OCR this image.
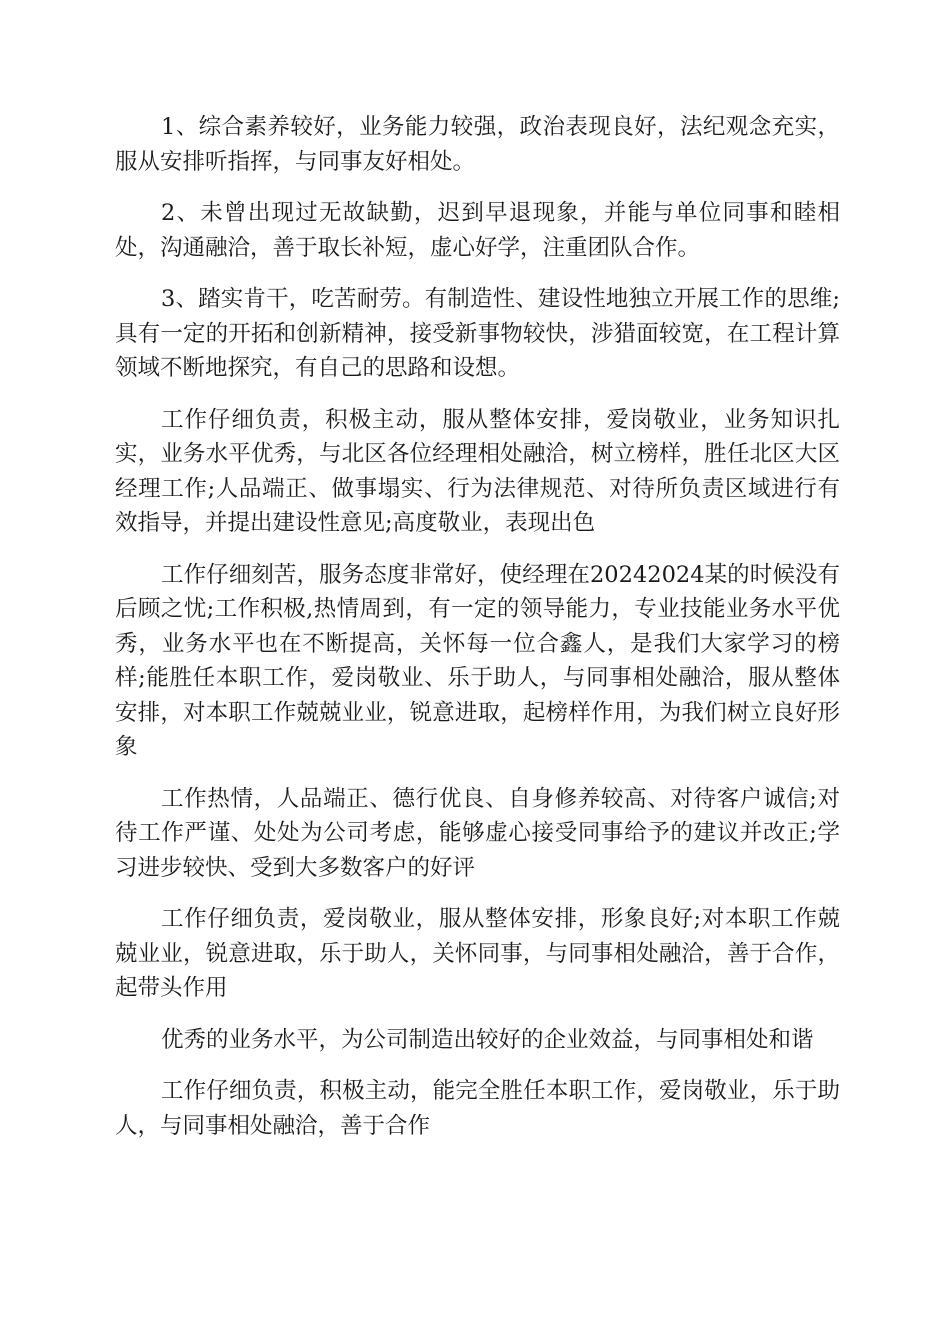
1、综合素养较好，业务能力较强，政治表现良好，法纪观念充实，服从安排听指挥，与同事友好相处。

2、未曾出现过无故缺勤，迟到早退现象，并能与单位同事和睦相处，沟通融洽，善于取长补短，虚心好学，注重团队合作。

3、踏实肯干，吃苦耐劳。有制造性、建设性地独立开展工作的思维;具有一定的开拓和创新精神，接受新事物较快，涉猎面较宽，在工程计算领域不断地探究，有自己的思路和设想。

工作仔细负责，积极主动，服从整体安排，爱岗敬业，业务知识扎实，业务水平优秀，与北区各位经理相处融洽，树立榜样，胜任北区大区经理工作;人品端正、做事塌实、行为法律规范、对待所负责区域进行有效指导，并提出建设性意见;高度敬业，表现出色

工作仔细刻苦，服务态度非常好，使经理在20242024某的时候没有后顾之忧;工作积极,热情周到，有一定的领导能力，专业技能业务水平优秀，业务水平也在不断提高，关怀每一位合鑫人，是我们大家学习的榜样;能胜任本职工作，爱岗敬业、乐于助人，与同事相处融洽，服从整体安排，对本职工作兢兢业业，锐意进取，起榜样作用，为我们树立良好形象

工作热情，人品端正、德行优良、自身修养较高、对待客户诚信;对待工作严谨、处处为公司考虑，能够虚心接受同事给予的建议并改正;学习进步较快、受到大多数客户的好评

工作仔细负责，爱岗敬业，服从整体安排，形象良好;对本职工作兢兢业业，锐意进取，乐于助人，关怀同事，与同事相处融洽，善于合作，起带头作用

优秀的业务水平，为公司制造出较好的企业效益，与同事相处和谐

工作仔细负责，积极主动，能完全胜任本职工作，爱岗敬业，乐于助人，与同事相处融洽，善于合作
